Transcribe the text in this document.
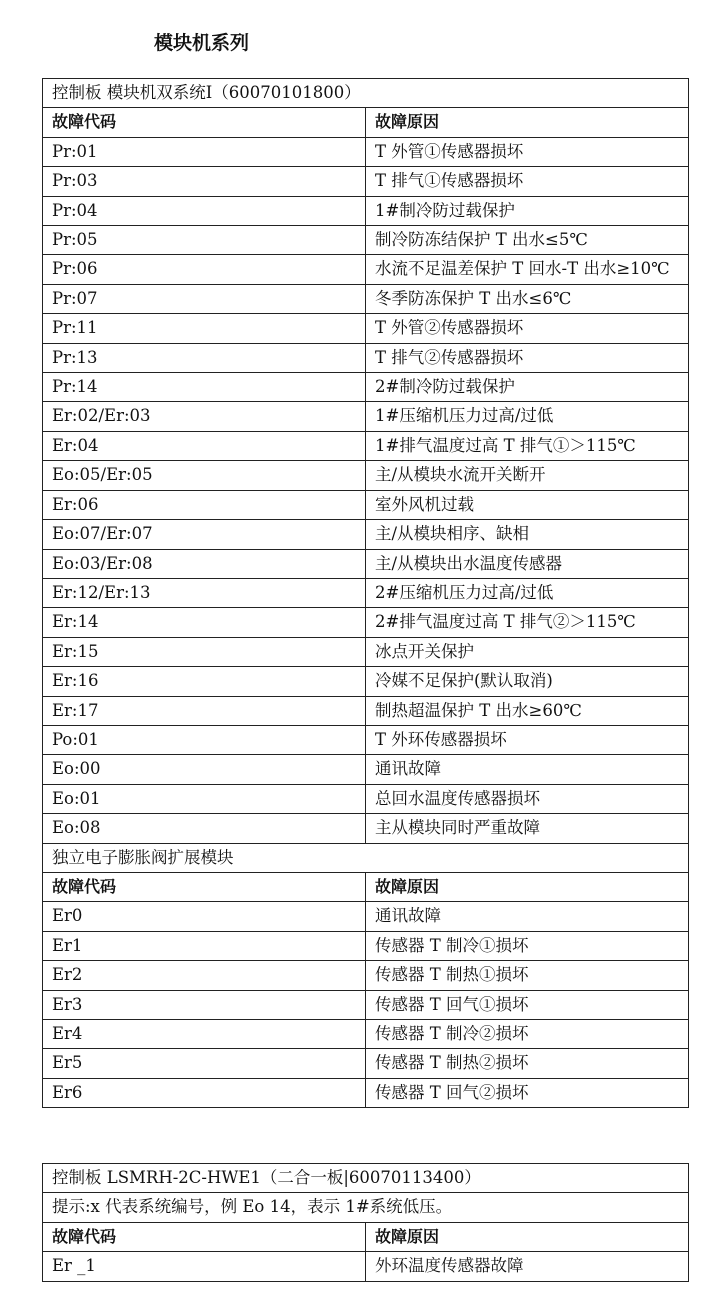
模块机系列
控制板 模块机双系统Ⅰ（60070101800）	
故障代码	故障原因
Pr:01	T 外管①传感器损坏
Pr:03	T 排气①传感器损坏
Pr:04	1#制冷防过载保护
Pr:05	制冷防冻结保护 T 出水≤5℃
Pr:06	水流不足温差保护 T 回水-T 出水≥10℃
Pr:07	冬季防冻保护 T 出水≤6℃
Pr:11	T 外管②传感器损坏
Pr:13	T 排气②传感器损坏
Pr:14	2#制冷防过载保护
Er:02/Er:03	1#压缩机压力过高/过低
Er:04	1#排气温度过高 T 排气①＞115℃
Eo:05/Er:05	主/从模块水流开关断开
Er:06	室外风机过载
Eo:07/Er:07	主/从模块相序、缺相
Eo:03/Er:08	主/从模块出水温度传感器
Er:12/Er:13	2#压缩机压力过高/过低
Er:14	2#排气温度过高 T 排气②＞115℃
Er:15	冰点开关保护
Er:16	冷媒不足保护(默认取消)
Er:17	制热超温保护 T 出水≥60℃
Po:01	T 外环传感器损坏
Eo:00	通讯故障
Eo:01	总回水温度传感器损坏
Eo:08	主从模块同时严重故障
独立电子膨胀阀扩展模块	
故障代码	故障原因
Er0	通讯故障
Er1	传感器 T 制冷①损坏
Er2	传感器 T 制热①损坏
Er3	传感器 T 回气①损坏
Er4	传感器 T 制冷②损坏
Er5	传感器 T 制热②损坏
Er6	传感器 T 回气②损坏
控制板 LSMRH-2C-HWE1（二合一板|60070113400）	
提示:x 代表系统编号，例 Eo 14，表示 1#系统低压。	
故障代码	故障原因
Er _1	外环温度传感器故障
